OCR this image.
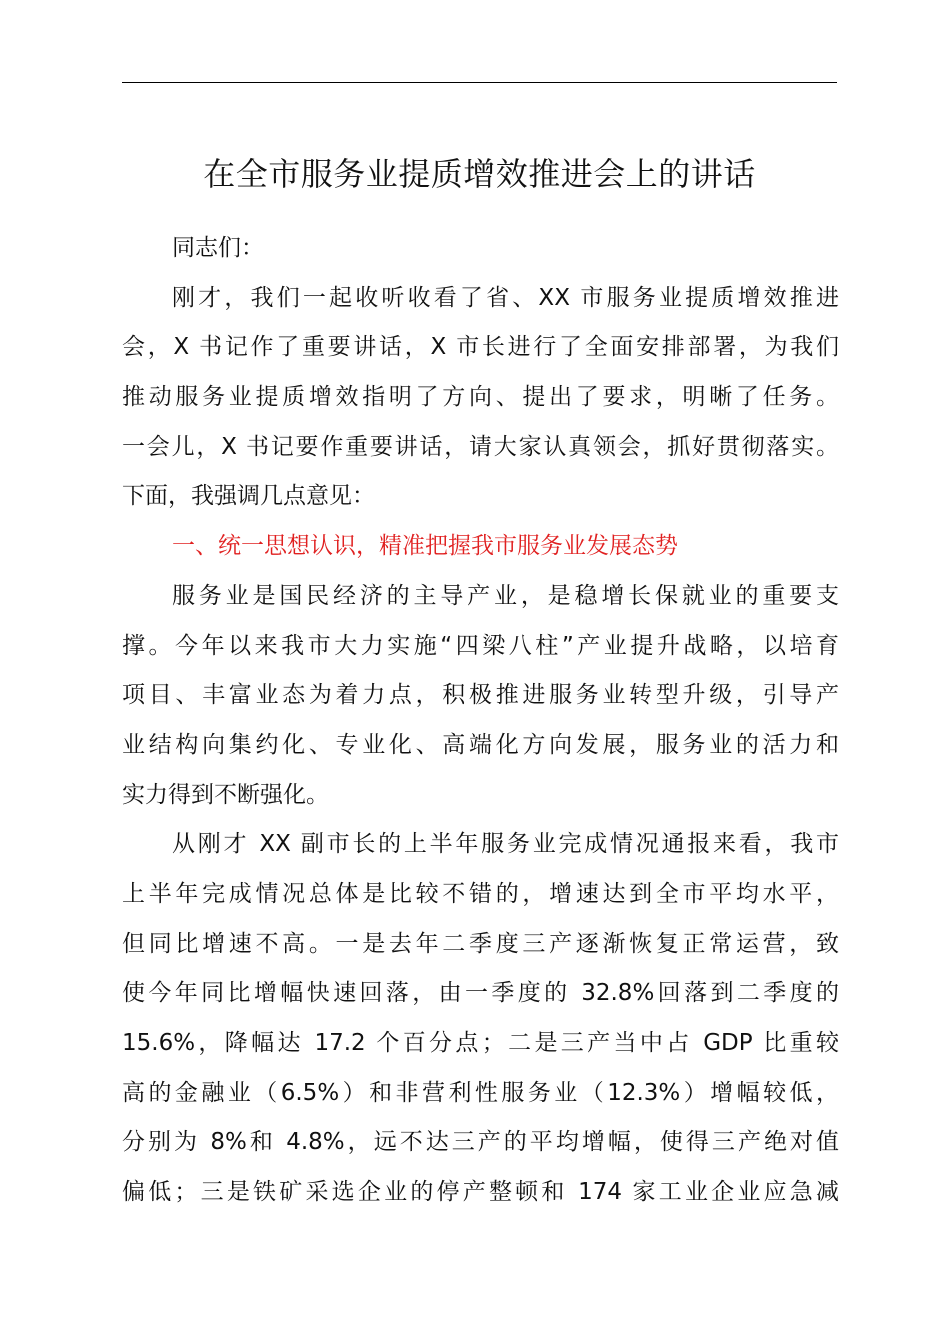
在全市服务业提质增效推进会上的讲话
同志们：
刚才，我们一起收听收看了省、XX 市服务业提质增效推进
会，X 书记作了重要讲话，X 市长进行了全面安排部署，为我们
推动服务业提质增效指明了方向、提出了要求，明晰了任务。
一会儿，X 书记要作重要讲话，请大家认真领会，抓好贯彻落实。
下面，我强调几点意见：
一、统一思想认识，精准把握我市服务业发展态势
服务业是国民经济的主导产业，是稳增长保就业的重要支
撑。今年以来我市大力实施“四梁八柱”产业提升战略，以培育
项目、丰富业态为着力点，积极推进服务业转型升级，引导产
业结构向集约化、专业化、高端化方向发展，服务业的活力和
实力得到不断强化。
从刚才 XX 副市长的上半年服务业完成情况通报来看，我市
上半年完成情况总体是比较不错的，增速达到全市平均水平，
但同比增速不高。一是去年二季度三产逐渐恢复正常运营，致
使今年同比增幅快速回落，由一季度的 32.8%回落到二季度的
15.6%，降幅达 17.2 个百分点；二是三产当中占 GDP 比重较
高的金融业（6.5%）和非营利性服务业（12.3%）增幅较低，
分别为 8%和 4.8%，远不达三产的平均增幅，使得三产绝对值
偏低；三是铁矿采选企业的停产整顿和 174 家工业企业应急减
